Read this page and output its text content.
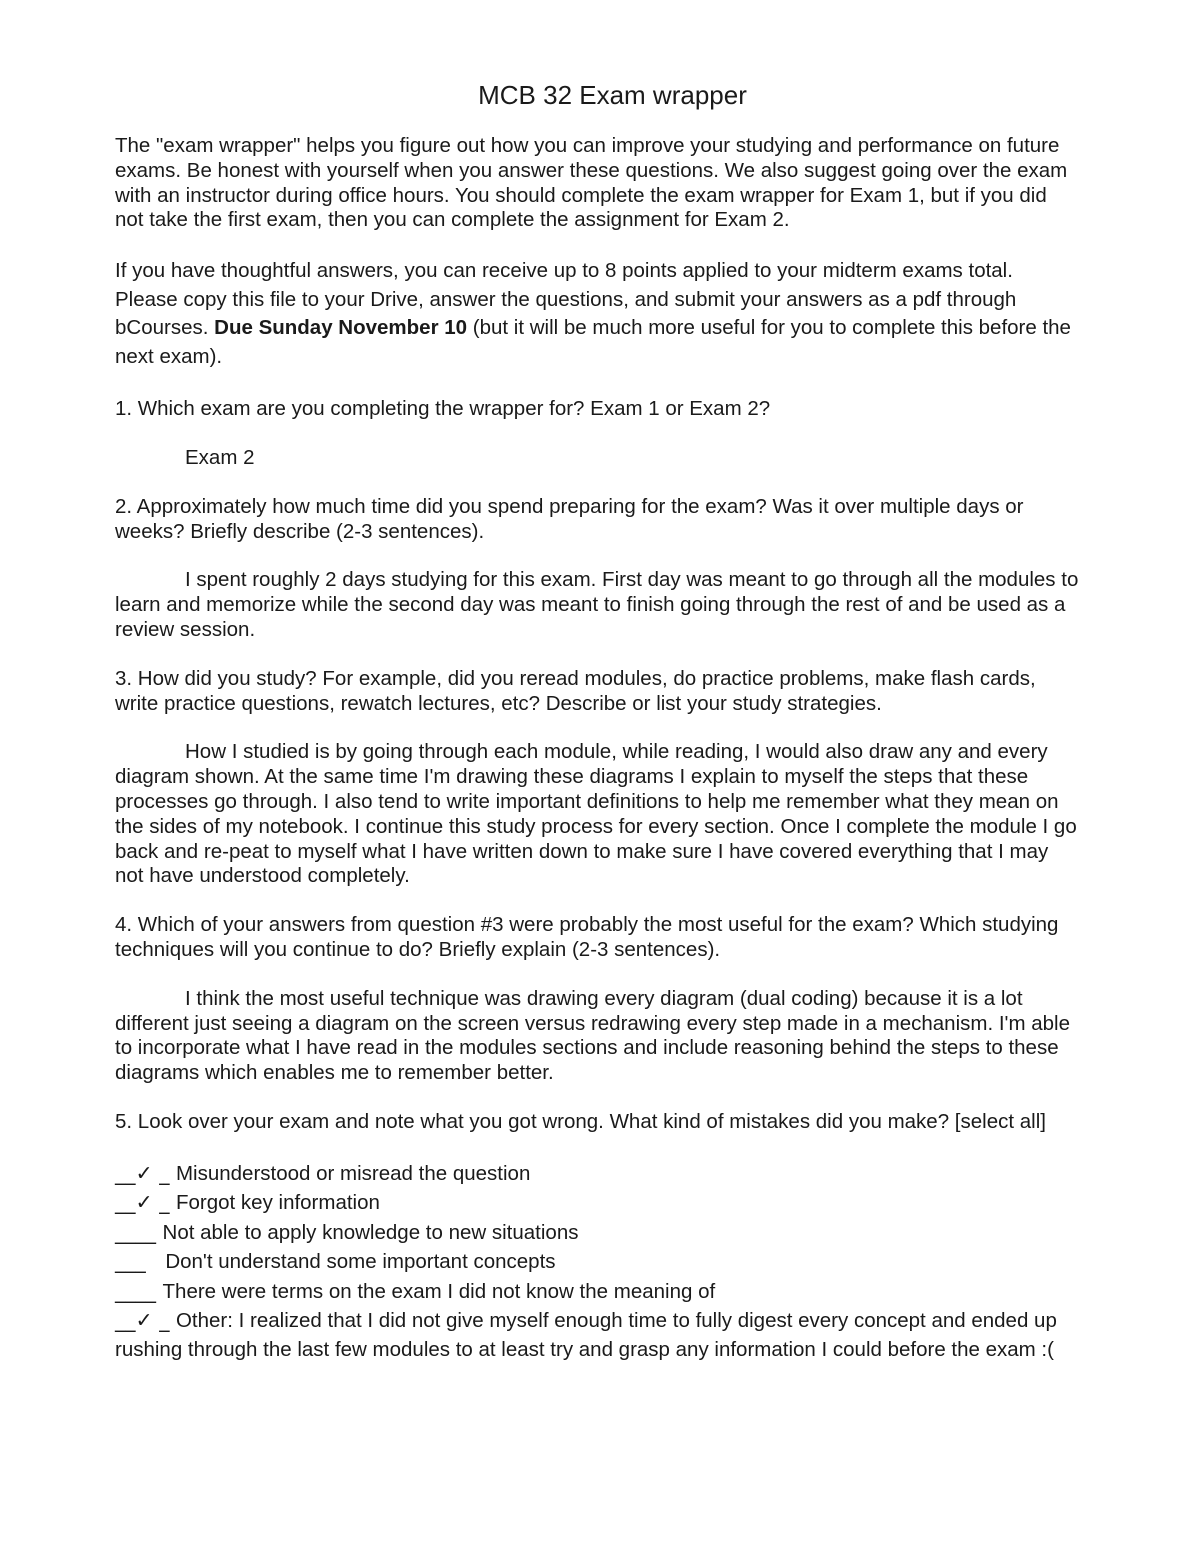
MCB 32 Exam wrapper

The "exam wrapper" helps you figure out how you can improve your studying and performance on future exams. Be honest with yourself when you answer these questions. We also suggest going over the exam with an instructor during office hours. You should complete the exam wrapper for Exam 1, but if you did not take the first exam, then you can complete the assignment for Exam 2.

If you have thoughtful answers, you can receive up to 8 points applied to your midterm exams total. Please copy this file to your Drive, answer the questions, and submit your answers as a pdf through bCourses. Due Sunday November 10 (but it will be much more useful for you to complete this before the next exam).

1. Which exam are you completing the wrapper for? Exam 1 or Exam 2?

Exam 2

2. Approximately how much time did you spend preparing for the exam? Was it over multiple days or weeks? Briefly describe (2-3 sentences).

I spent roughly 2 days studying for this exam. First day was meant to go through all the modules to learn and memorize while the second day was meant to finish going through the rest of and be used as a review session.

3. How did you study? For example, did you reread modules, do practice problems, make flash cards, write practice questions, rewatch lectures, etc? Describe or list your study strategies.

How I studied is by going through each module, while reading, I would also draw any and every diagram shown. At the same time I'm drawing these diagrams I explain to myself the steps that these processes go through. I also tend to write important definitions to help me remember what they mean on the sides of my notebook. I continue this study process for every section. Once I complete the module I go back and re-peat to myself what I have written down to make sure I have covered everything that I may not have understood completely.

4. Which of your answers from question #3 were probably the most useful for the exam? Which studying techniques will you continue to do? Briefly explain (2-3 sentences).

I think the most useful technique was drawing every diagram (dual coding) because it is a lot different just seeing a diagram on the screen versus redrawing every step made in a mechanism. I'm able to incorporate what I have read in the modules sections and include reasoning behind the steps to these diagrams which enables me to remember better.

5. Look over your exam and note what you got wrong. What kind of mistakes did you make? [select all]

__✓ _ Misunderstood or misread the question
__✓ _ Forgot key information
____ Not able to apply knowledge to new situations
___   Don't understand some important concepts
____ There were terms on the exam I did not know the meaning of
__✓ _ Other: I realized that I did not give myself enough time to fully digest every concept and ended up rushing through the last few modules to at least try and grasp any information I could before the exam :(
